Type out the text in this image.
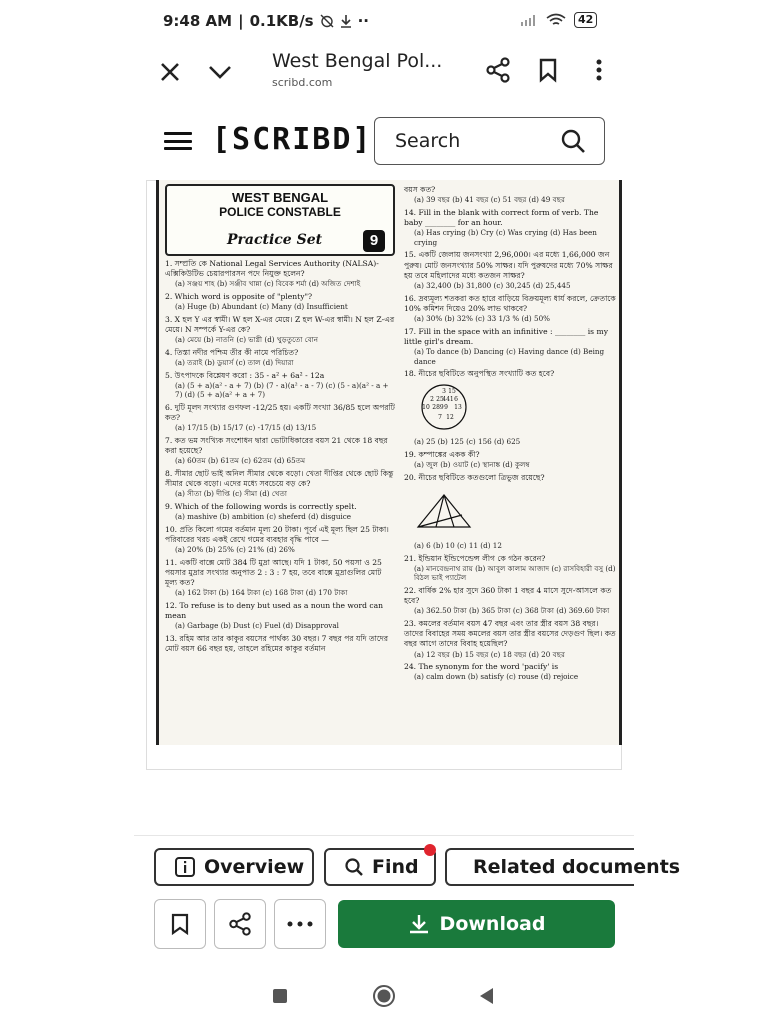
9:48 AM | 0.1KB/s	··	42
West Bengal Pol...
scribd.com
[SCRIBD] Search
WEST BENGAL
POLICE CONSTABLE
Practice Set	9
1. সম্প্রতি কে National Legal Services Authority (NALSA)-এক্সিকিউটিভ চেয়ারপারসন পদে নিযুক্ত হলেন?
(a) সঞ্জয় শাহ (b) সঞ্জীব খান্না (c) বিবেক শর্মা (d) অজিত দেশাই
2. Which word is opposite of "plenty"?
(a) Huge (b) Abundant (c) Many (d) Insufficient
3. X হল Y এর স্বামী। W হল X-এর মেয়ে। Z হল W-এর স্বামী। N হল Z-এর মেয়ে। N সম্পর্কে Y-এর কে?
(a) মেয়ে (b) নাতনি (c) ভাগ্নী (d) খুড়তুতো বোন
4. তিস্তা নদীর পশ্চিম তীর কী নামে পরিচিত?
(a) তরাই (b) ডুয়ার্স (c) তাল (d) দিয়ারা
5. উৎপাদকে বিশ্লেষণ করো : 35 - a² + 6a² - 12a
(a) (5 + a)(a² - a + 7) (b) (7 - a)(a² - a - 7) (c) (5 - a)(a² - a + 7) (d) (5 + a)(a² + a + 7)
6. দুটি মূলদ সংখ্যার গুণফল -12/25 হয়। একটি সংখ্যা 36/85 হলে অপরটি কত?
(a) 17/15 (b) 15/17 (c) -17/15 (d) 13/15
7. কত ভম সংখ্যিক সংশোধন দ্বারা ভোটাধিকারের বয়স 21 থেকে 18 বছর করা হয়েছে?
(a) 60তম (b) 61তম (c) 62তম (d) 65তম
8. সীমার ছোট ভাই অনিল সীমার থেকে বড়ো। খেতা দীপ্তির থেকে ছোট কিন্তু সীমার থেকে বড়ো। এদের মধ্যে সবচেয়ে বড় কে?
(a) সীতা (b) দীপ্তি (c) সীমা (d) খেতা
9. Which of the following words is correctly spelt.
(a) mashive (b) ambition (c) sheferd (d) disguice
10. প্রতি কিলো গমের বর্তমান মূল্য 20 টাকা। পূর্বে এই মূল্য ছিল 25 টাকা। পরিবারের খরচ একই রেখে গমের ব্যবহার বৃদ্ধি পাবে —
(a) 20% (b) 25% (c) 21% (d) 26%
11. একটি বাক্সে মোট 384 টি মুদ্রা আছে। যদি 1 টাকা, 50 পয়সা ও 25 পয়সার মুদ্রার সংখ্যার অনুপাত 2 : 3 : 7 হয়, তবে বাক্সে মুদ্রাগুলির মোট মূল্য কত?
(a) 162 টাকা (b) 164 টাকা (c) 168 টাকা (d) 170 টাকা
12. To refuse is to deny but used as a noun the word can mean
(a) Garbage (b) Dust (c) Fuel (d) Disapproval
13. রহিম আর তার কাকুর বয়সের পার্থক্য 30 বছর। 7 বছর পর যদি তাদের মোট বয়স 66 বছর হয়, তাহলে রহিমের কাকুর বর্তমান
বয়স কত?
(a) 39 বছর (b) 41 বছর (c) 51 বছর (d) 49 বছর
14. Fill in the blank with correct form of verb. The baby ________ for an hour.
(a) Has crying (b) Cry (c) Was crying (d) Has been crying
15. একটি জেলায় জনসংখ্যা 2,96,000। এর মধ্যে 1,66,000 জন পুরুষ। মোট জনসংখ্যার 50% সাক্ষর। যদি পুরুষদের মধ্যে 70% সাক্ষর হয় তবে মহিলাদের মধ্যে কতজন সাক্ষর?
(a) 32,400 (b) 31,800 (c) 30,245 (d) 25,445
16. দ্রব্যমূল্য শতকরা কত হারে বাড়িয়ে বিক্রয়মূল্য ধার্য করলে, ক্রেতাকে 10% কমিশন দিয়েও 20% লাভ থাকবে?
(a) 30% (b) 32% (c) 33 1/3 % (d) 50%
17. Fill in the space with an infinitive : ________ is my little girl's dream.
(a) To dance (b) Dancing (c) Having dance (d) Being dance
18. নীচের ছবিটিতে অনুপস্থিত সংখ্যাটি কত হবে?
3 15
2 25
441 6
10 289 9 13
7 12
(a) 25 (b) 125 (c) 156 (d) 625
19. কম্পাঙ্কের একক কী?
(a) জুল (b) ওয়াট (c) স্থানাঙ্ক (d) কুলম্ব
20. নীচের ছবিটিতে কতগুলো ত্রিভুজ রয়েছে?
(a) 6 (b) 10 (c) 11 (d) 12
21. ইন্ডিয়ান ইন্ডিপেন্ডেন্স লীগ কে গঠন করেন?
(a) মানবেন্দ্রনাথ রায় (b) আবুল কালাম আজাদ (c) রাসবিহারী বসু (d) বিঠল ভাই প্যাটেল
22. বার্ষিক 2% হার সুদে 360 টাকা 1 বছর 4 মাসে সুদে-আসলে কত হবে?
(a) 362.50 টাকা (b) 365 টাকা (c) 368 টাকা (d) 369.60 টাকা
23. কমলের বর্তমান বয়স 47 বছর এবং তার স্ত্রীর বয়স 38 বছর। তাদের বিবাহের সময় কমলের বয়স তার স্ত্রীর বয়সের দেড়গুণ ছিল। কত বছর আগে তাদের বিবাহ হয়েছিল?
(a) 12 বছর (b) 15 বছর (c) 18 বছর (d) 20 বছর
24. The synonym for the word 'pacify' is
(a) calm down (b) satisfy (c) rouse (d) rejoice
Overview	Find	Related documents
Download
